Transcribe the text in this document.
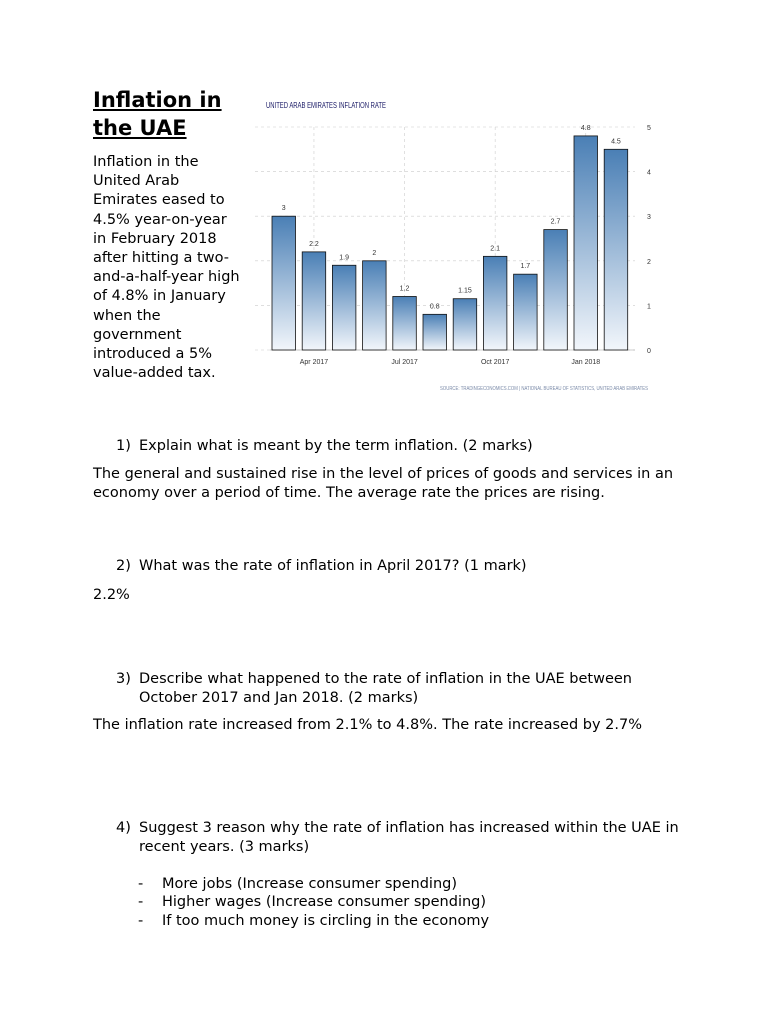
Inflation in the UAE
Inflation in the United Arab Emirates eased to 4.5% year-on-year in February 2018 after hitting a two-and-a-half-year high of 4.8% in January when the government introduced a 5% value-added tax.
UNITED ARAB EMIRATES INFLATION RATE
3
2.2
1.9
2
1.2
0.8
1.15
2.1
1.7
2.7
4.8
4.5
0
1
2
3
4
5
Apr 2017	Jul 2017	Oct 2017	Jan 2018
SOURCE: TRADINGECONOMICS.COM | NATIONAL BUREAU OF STATISTICS, UNITED ARAB EMIRATES
1) Explain what is meant by the term inflation. (2 marks)
The general and sustained rise in the level of prices of goods and services in an economy over a period of time. The average rate the prices are rising.
2) What was the rate of inflation in April 2017? (1 mark)
2.2%
3) Describe what happened to the rate of inflation in the UAE between October 2017 and Jan 2018. (2 marks)
The inflation rate increased from 2.1% to 4.8%. The rate increased by 2.7%
4) Suggest 3 reason why the rate of inflation has increased within the UAE in recent years. (3 marks)
- More jobs (Increase consumer spending)
- Higher wages (Increase consumer spending)
- If too much money is circling in the economy
